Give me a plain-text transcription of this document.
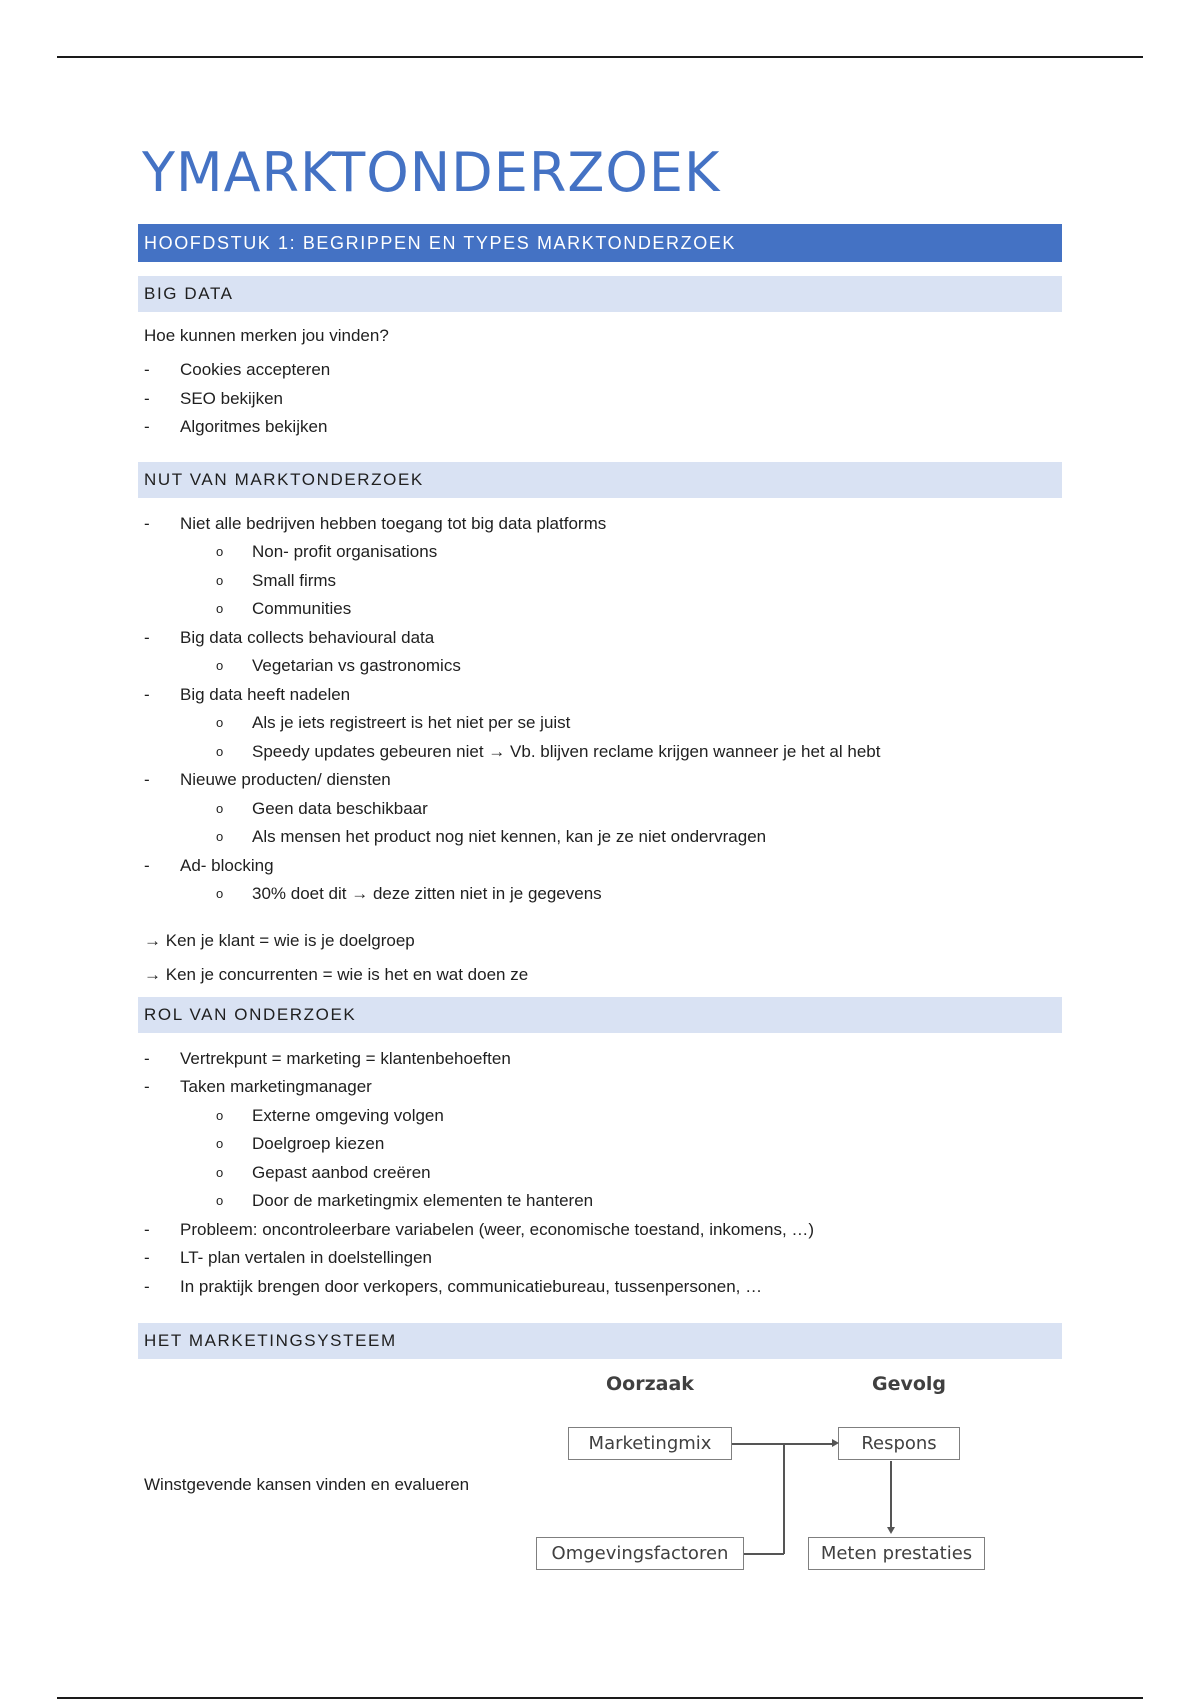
YMARKTONDERZOEK
HOOFDSTUK 1: BEGRIPPEN EN TYPES MARKTONDERZOEK
BIG DATA
Hoe kunnen merken jou vinden?
- Cookies accepteren
- SEO bekijken
- Algoritmes bekijken
NUT VAN MARKTONDERZOEK
- Niet alle bedrijven hebben toegang tot big data platforms
o Non- profit organisations
o Small firms
o Communities
- Big data collects behavioural data
o Vegetarian vs gastronomics
- Big data heeft nadelen
o Als je iets registreert is het niet per se juist
o Speedy updates gebeuren niet → Vb. blijven reclame krijgen wanneer je het al hebt
- Nieuwe producten/ diensten
o Geen data beschikbaar
o Als mensen het product nog niet kennen, kan je ze niet ondervragen
- Ad- blocking
o 30% doet dit → deze zitten niet in je gegevens
→ Ken je klant = wie is je doelgroep
→ Ken je concurrenten = wie is het en wat doen ze
ROL VAN ONDERZOEK
- Vertrekpunt = marketing = klantenbehoeften
- Taken marketingmanager
o Externe omgeving volgen
o Doelgroep kiezen
o Gepast aanbod creëren
o Door de marketingmix elementen te hanteren
- Probleem: oncontroleerbare variabelen (weer, economische toestand, inkomens, …)
- LT- plan vertalen in doelstellingen
- In praktijk brengen door verkopers, communicatiebureau, tussenpersonen, …
HET MARKETINGSYSTEEM
Winstgevende kansen vinden en evalueren
Oorzaak	Gevolg
Marketingmix	Respons
Omgevingsfactoren	Meten prestaties
